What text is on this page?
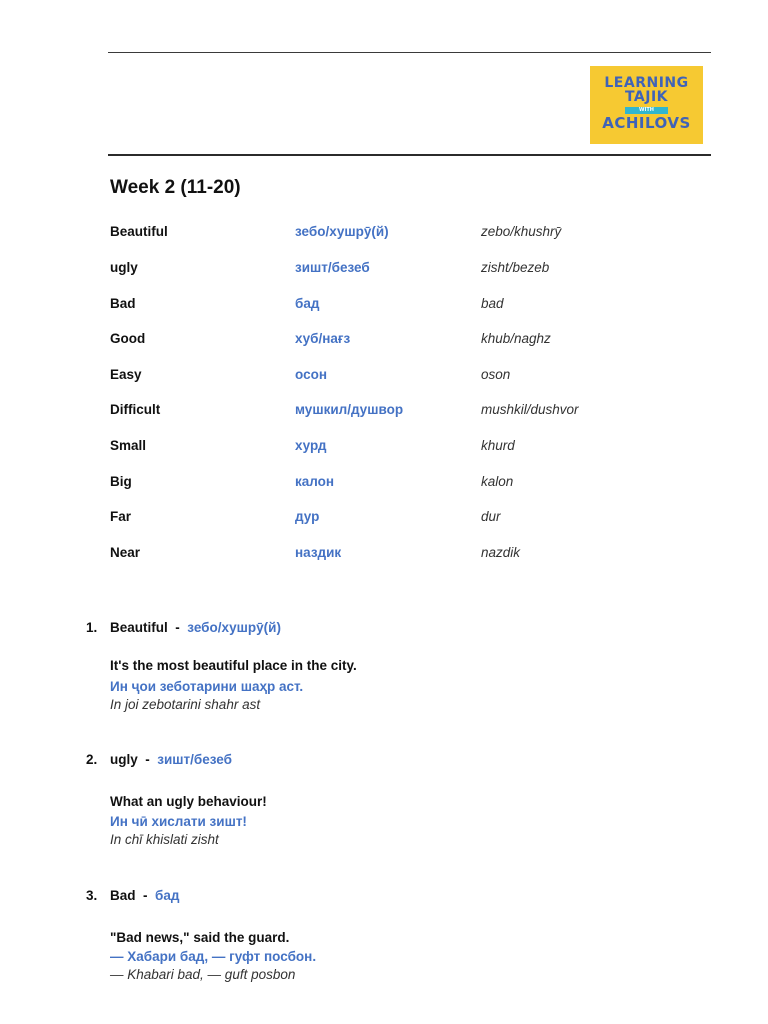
LEARNING
TAJIK
WITH
ACHILOVS
Week 2 (11-20)
Beautiful	зебо/хушрӯ(й)	zebo/khushrӯ
ugly	зишт/безеб	zisht/bezeb
Bad	бад	bad
Good	хуб/нағз	khub/naghz
Easy	осон	oson
Difficult	мушкил/душвор	mushkil/dushvor
Small	хурд	khurd
Big	калон	kalon
Far	дур	dur
Near	наздик	nazdik
1. Beautiful - зебо/хушрӯ(й)
It's the most beautiful place in the city.
Ин ҷои зеботарини шаҳр аст.
In joi zebotarini shahr ast
2. ugly - зишт/безеб
What an ugly behaviour!
Ин чӣ хислати зишт!
In chī khislati zisht
3. Bad - бад
"Bad news," said the guard.
— Хабари бад, — гуфт посбон.
— Khabari bad, — guft posbon
